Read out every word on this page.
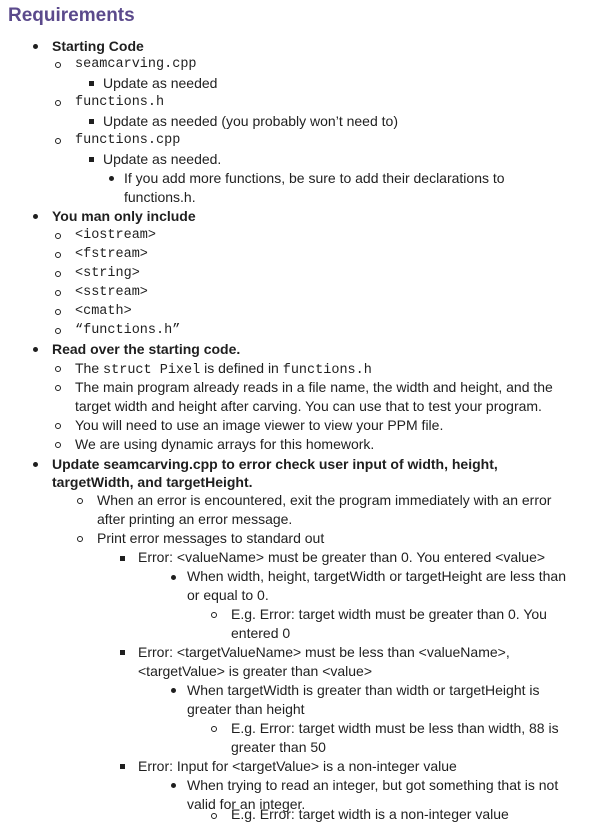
Requirements
Starting Code
seamcarving.cpp
Update as needed
functions.h
Update as needed (you probably won’t need to)
functions.cpp
Update as needed.
If you add more functions, be sure to add their declarations to
functions.h.
You man only include
<iostream>
<fstream>
<string>
<sstream>
<cmath>
“functions.h”
Read over the starting code.
The struct Pixel is defined in functions.h
The main program already reads in a file name, the width and height, and the
target width and height after carving. You can use that to test your program.
You will need to use an image viewer to view your PPM file.
We are using dynamic arrays for this homework.
Update seamcarving.cpp to error check user input of width, height,
targetWidth, and targetHeight.
When an error is encountered, exit the program immediately with an error
after printing an error message.
Print error messages to standard out
Error: <valueName> must be greater than 0. You entered <value>
When width, height, targetWidth or targetHeight are less than
or equal to 0.
E.g. Error: target width must be greater than 0. You
entered 0
Error: <targetValueName> must be less than <valueName>,
<targetValue> is greater than <value>
When targetWidth is greater than width or targetHeight is
greater than height
E.g. Error: target width must be less than width, 88 is
greater than 50
Error: Input for <targetValue> is a non-integer value
When trying to read an integer, but got something that is not
valid for an integer.
E.g. Error: target width is a non-integer value
